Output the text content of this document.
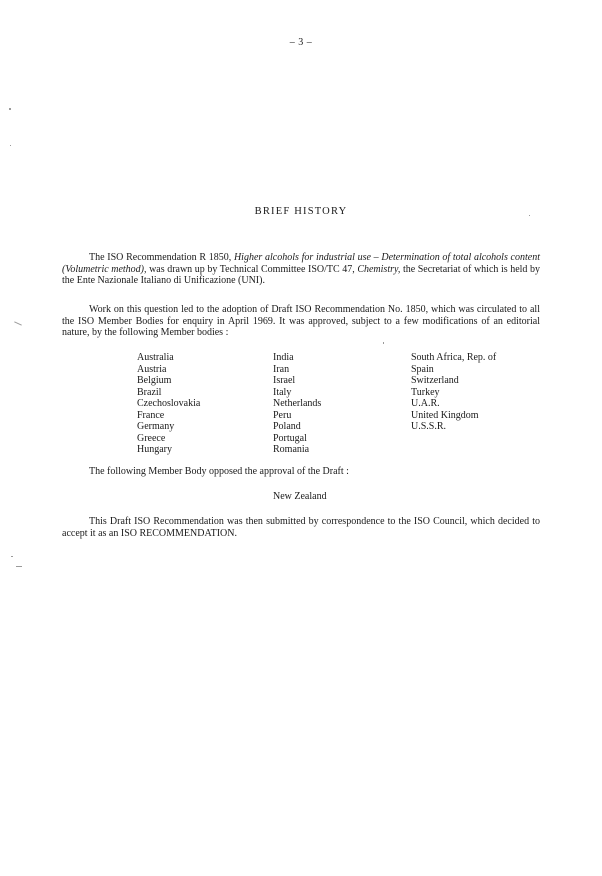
– 3 –
BRIEF HISTORY
The ISO Recommendation R 1850, Higher alcohols for industrial use – Determination of total alcohols content (Volumetric method), was drawn up by Technical Committee ISO/TC 47, Chemistry, the Secretariat of which is held by the Ente Nazionale Italiano di Unificazione (UNI).
Work on this question led to the adoption of Draft ISO Recommendation No. 1850, which was circulated to all the ISO Member Bodies for enquiry in April 1969. It was approved, subject to a few modifications of an editorial nature, by the following Member bodies :
Australia
Austria
Belgium
Brazil
Czechoslovakia
France
Germany
Greece
Hungary
India
Iran
Israel
Italy
Netherlands
Peru
Poland
Portugal
Romania
South Africa, Rep. of
Spain
Switzerland
Turkey
U.A.R.
United Kingdom
U.S.S.R.
The following Member Body opposed the approval of the Draft :
New Zealand
This Draft ISO Recommendation was then submitted by correspondence to the ISO Council, which decided to accept it as an ISO RECOMMENDATION.
